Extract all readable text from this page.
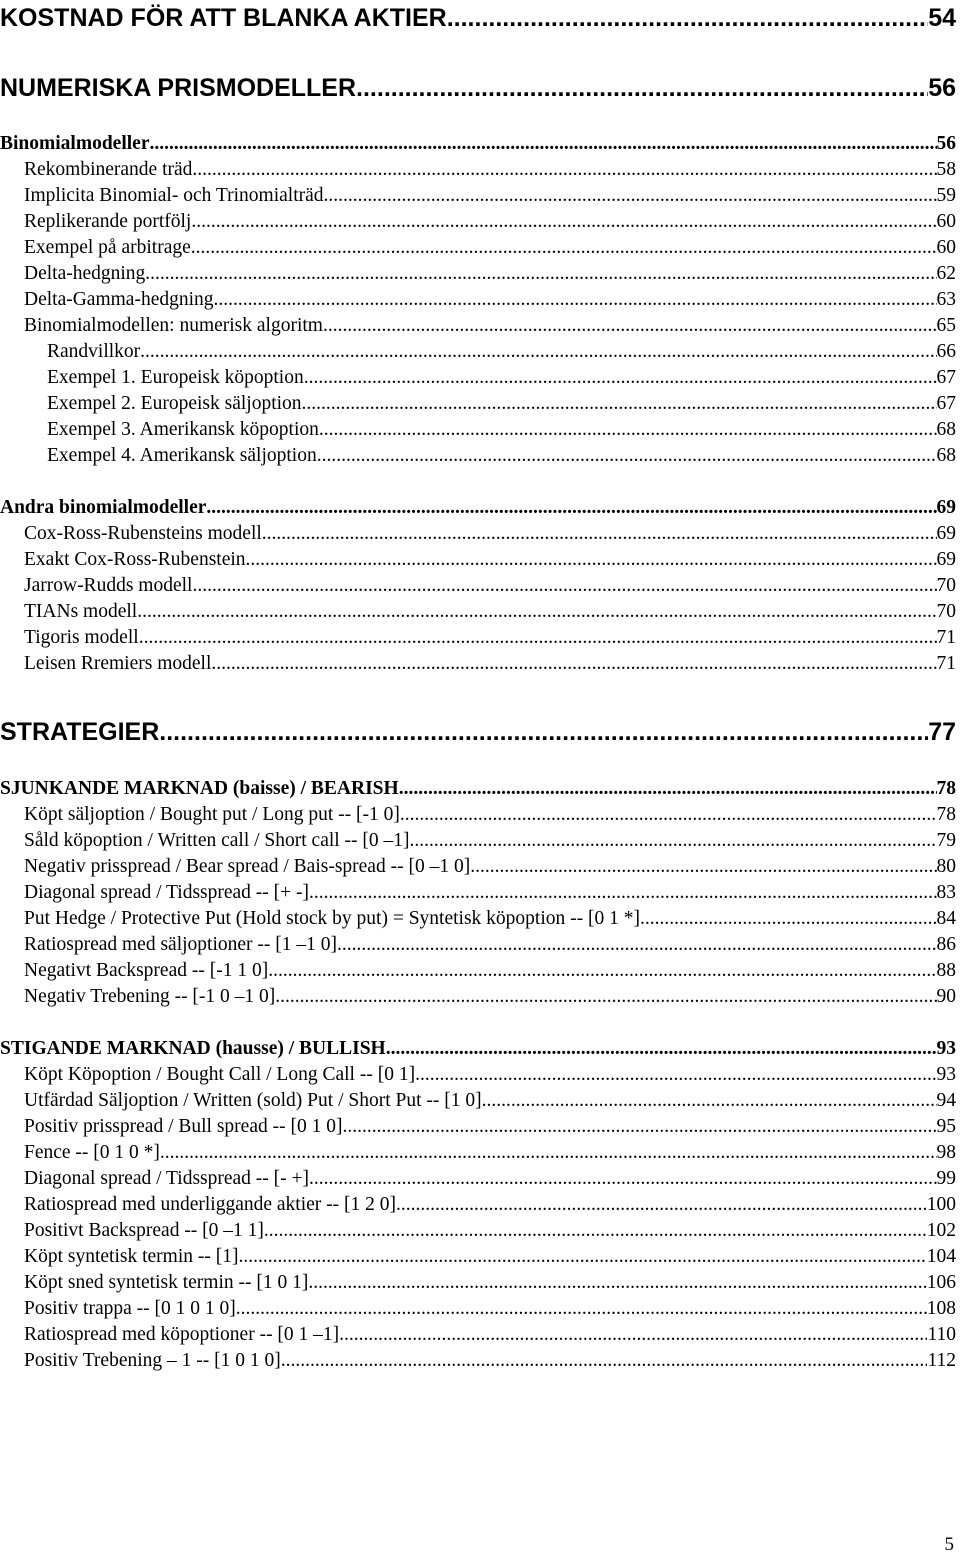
KOSTNAD FÖR ATT BLANKA AKTIER .....	54
NUMERISKA PRISMODELLER .....	56
Binomialmodeller .....	56
Rekombinerande träd .....	58
Implicita Binomial- och Trinomialträd .....	59
Replikerande portfölj .....	60
Exempel på arbitrage .....	60
Delta-hedgning .....	62
Delta-Gamma-hedgning .....	63
Binomialmodellen: numerisk algoritm .....	65
Randvillkor .....	66
Exempel 1. Europeisk köpoption .....	67
Exempel 2. Europeisk säljoption .....	67
Exempel 3. Amerikansk köpoption .....	68
Exempel 4. Amerikansk säljoption .....	68
Andra binomialmodeller .....	69
Cox-Ross-Rubensteins modell .....	69
Exakt Cox-Ross-Rubenstein .....	69
Jarrow-Rudds modell .....	70
TIANs modell .....	70
Tigoris modell .....	71
Leisen Rremiers modell .....	71
STRATEGIER .....	77
SJUNKANDE MARKNAD (baisse) / BEARISH .....	78
Köpt säljoption / Bought put / Long put -- [-1 0] .....	78
Såld köpoption / Written call / Short call -- [0 –1] .....	79
Negativ prisspread / Bear spread / Bais-spread -- [0 –1 0] .....	80
Diagonal spread / Tidsspread -- [+ -] .....	83
Put Hedge / Protective Put (Hold stock by put) = Syntetisk köpoption -- [0 1 *] .....	84
Ratiospread med säljoptioner -- [1 –1 0] .....	86
Negativt Backspread -- [-1 1 0] .....	88
Negativ Trebening -- [-1 0 –1 0] .....	90
STIGANDE MARKNAD (hausse) / BULLISH .....	93
Köpt Köpoption / Bought Call / Long Call -- [0 1] .....	93
Utfärdad Säljoption / Written (sold) Put / Short Put -- [1 0] .....	94
Positiv prisspread / Bull spread -- [0 1 0] .....	95
Fence -- [0 1 0 *] .....	98
Diagonal spread / Tidsspread -- [- +] .....	99
Ratiospread med underliggande aktier -- [1 2 0] .....	100
Positivt Backspread -- [0 –1 1] .....	102
Köpt syntetisk termin -- [1] .....	104
Köpt sned syntetisk termin -- [1 0 1] .....	106
Positiv trappa -- [0 1 0 1 0] .....	108
Ratiospread med köpoptioner -- [0 1 –1] .....	110
Positiv Trebening – 1 -- [1 0 1 0] .....	112
5
